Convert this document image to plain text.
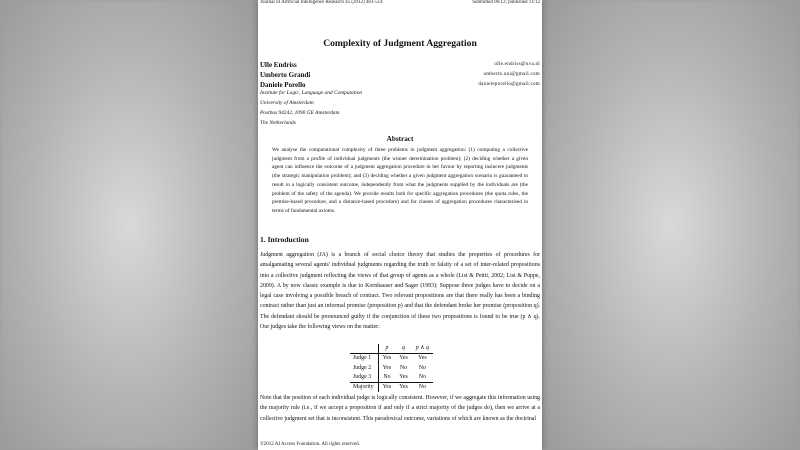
Journal of Artificial Intelligence Research 45 (2012) 481-514	Submitted 06/12; published 11/12
Complexity of Judgment Aggregation
Ulle Endriss	ulle.endriss@uva.nl
Umberto Grandi	umberto.uni@gmail.com
Daniele Porello	danieleporello@gmail.com
Institute for Logic, Language and Computation
University of Amsterdam
Postbus 94242, 1090 GE Amsterdam
The Netherlands
Abstract
We analyse the computational complexity of three problems in judgment aggregation: (1) computing a collective judgment from a profile of individual judgments (the winner determination problem); (2) deciding whether a given agent can influence the outcome of a judgment aggregation procedure in her favour by reporting insincere judgments (the strategic manipulation problem); and (3) deciding whether a given judgment aggregation scenario is guaranteed to result in a logically consistent outcome, independently from what the judgments supplied by the individuals are (the problem of the safety of the agenda). We provide results both for specific aggregation procedures (the quota rules, the premise-based procedure, and a distance-based procedure) and for classes of aggregation procedures characterised in terms of fundamental axioms.
1. Introduction
Judgment aggregation (JA) is a branch of social choice theory that studies the properties of procedures for amalgamating several agents' individual judgments regarding the truth or falsity of a set of inter-related propositions into a collective judgment reflecting the views of that group of agents as a whole (List & Pettit, 2002; List & Puppe, 2009). A by now classic example is due to Kornhauser and Sager (1993): Suppose three judges have to decide on a legal case involving a possible breach of contract. Two relevant propositions are that there really has been a binding contract rather than just an informal promise (proposition p) and that the defendant broke her promise (proposition q). The defendant should be pronounced guilty if the conjunction of these two propositions is found to be true (p ∧ q). Our judges take the following views on the matter:
	p	q	p ∧ q
Judge 1	Yes	Yes	Yes
Judge 2	Yes	No	No
Judge 3	No	Yes	No
Majority	Yes	Yes	No
Note that the position of each individual judge is logically consistent. However, if we aggregate this information using the majority rule (i.e., if we accept a proposition if and only if a strict majority of the judges do), then we arrive at a collective judgment set that is inconsistent. This paradoxical outcome, variations of which are known as the doctrinal
©2012 AI Access Foundation. All rights reserved.
